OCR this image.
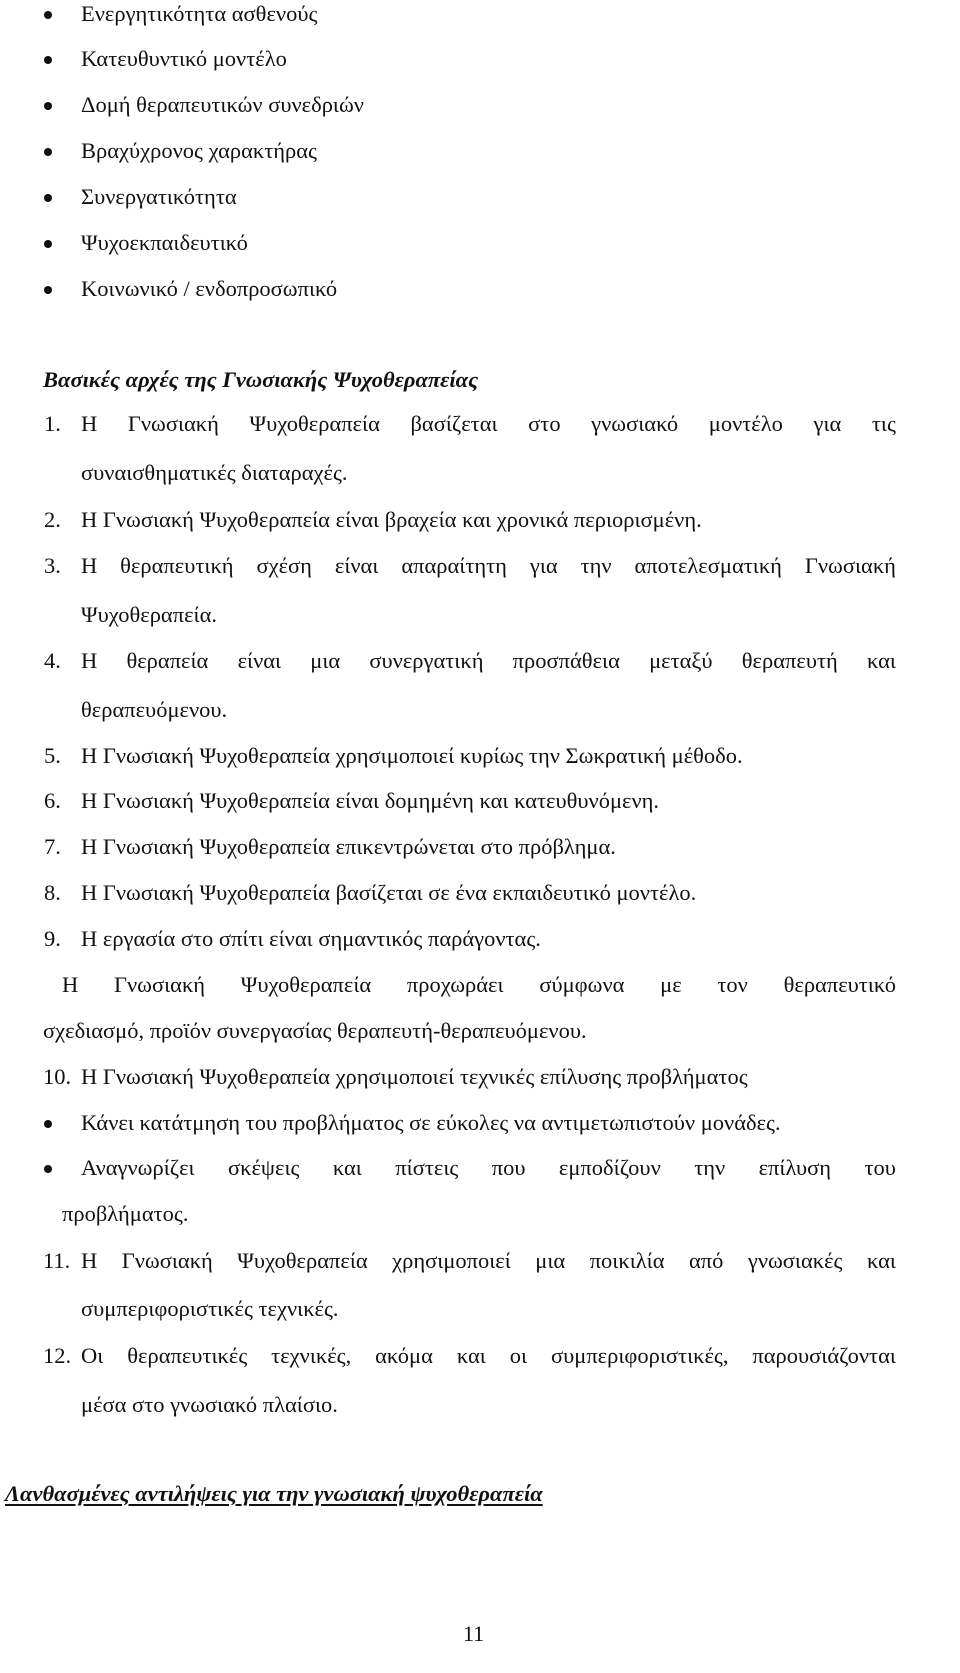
Ενεργητικότητα ασθενούς
Κατευθυντικό μοντέλο
Δομή θεραπευτικών συνεδριών
Βραχύχρονος χαρακτήρας
Συνεργατικότητα
Ψυχοεκπαιδευτικό
Κοινωνικό / ενδοπροσωπικό
Βασικές αρχές της Γνωσιακής Ψυχοθεραπείας
1. Η Γνωσιακή Ψυχοθεραπεία βασίζεται στο γνωσιακό μοντέλο για τις
συναισθηματικές διαταραχές.
2. Η Γνωσιακή Ψυχοθεραπεία είναι βραχεία και χρονικά περιορισμένη.
3. Η θεραπευτική σχέση είναι απαραίτητη για την αποτελεσματική Γνωσιακή
Ψυχοθεραπεία.
4. Η θεραπεία είναι μια συνεργατική προσπάθεια μεταξύ θεραπευτή και
θεραπευόμενου.
5. Η Γνωσιακή Ψυχοθεραπεία χρησιμοποιεί κυρίως την Σωκρατική μέθοδο.
6. Η Γνωσιακή Ψυχοθεραπεία είναι δομημένη και κατευθυνόμενη.
7. Η Γνωσιακή Ψυχοθεραπεία επικεντρώνεται στο πρόβλημα.
8. Η Γνωσιακή Ψυχοθεραπεία βασίζεται σε ένα εκπαιδευτικό μοντέλο.
9. Η εργασία στο σπίτι είναι σημαντικός παράγοντας.
Η Γνωσιακή Ψυχοθεραπεία προχωράει σύμφωνα με τον θεραπευτικό
σχεδιασμό, προϊόν συνεργασίας θεραπευτή-θεραπευόμενου.
10. Η Γνωσιακή Ψυχοθεραπεία χρησιμοποιεί τεχνικές επίλυσης προβλήματος
Κάνει κατάτμηση του προβλήματος σε εύκολες να αντιμετωπιστούν μονάδες.
Αναγνωρίζει σκέψεις και πίστεις που εμποδίζουν την επίλυση του
προβλήματος.
11. Η Γνωσιακή Ψυχοθεραπεία χρησιμοποιεί μια ποικιλία από γνωσιακές και
συμπεριφοριστικές τεχνικές.
12. Οι θεραπευτικές τεχνικές, ακόμα και οι συμπεριφοριστικές, παρουσιάζονται
μέσα στο γνωσιακό πλαίσιο.
Λανθασμένες αντιλήψεις για την γνωσιακή ψυχοθεραπεία
11
